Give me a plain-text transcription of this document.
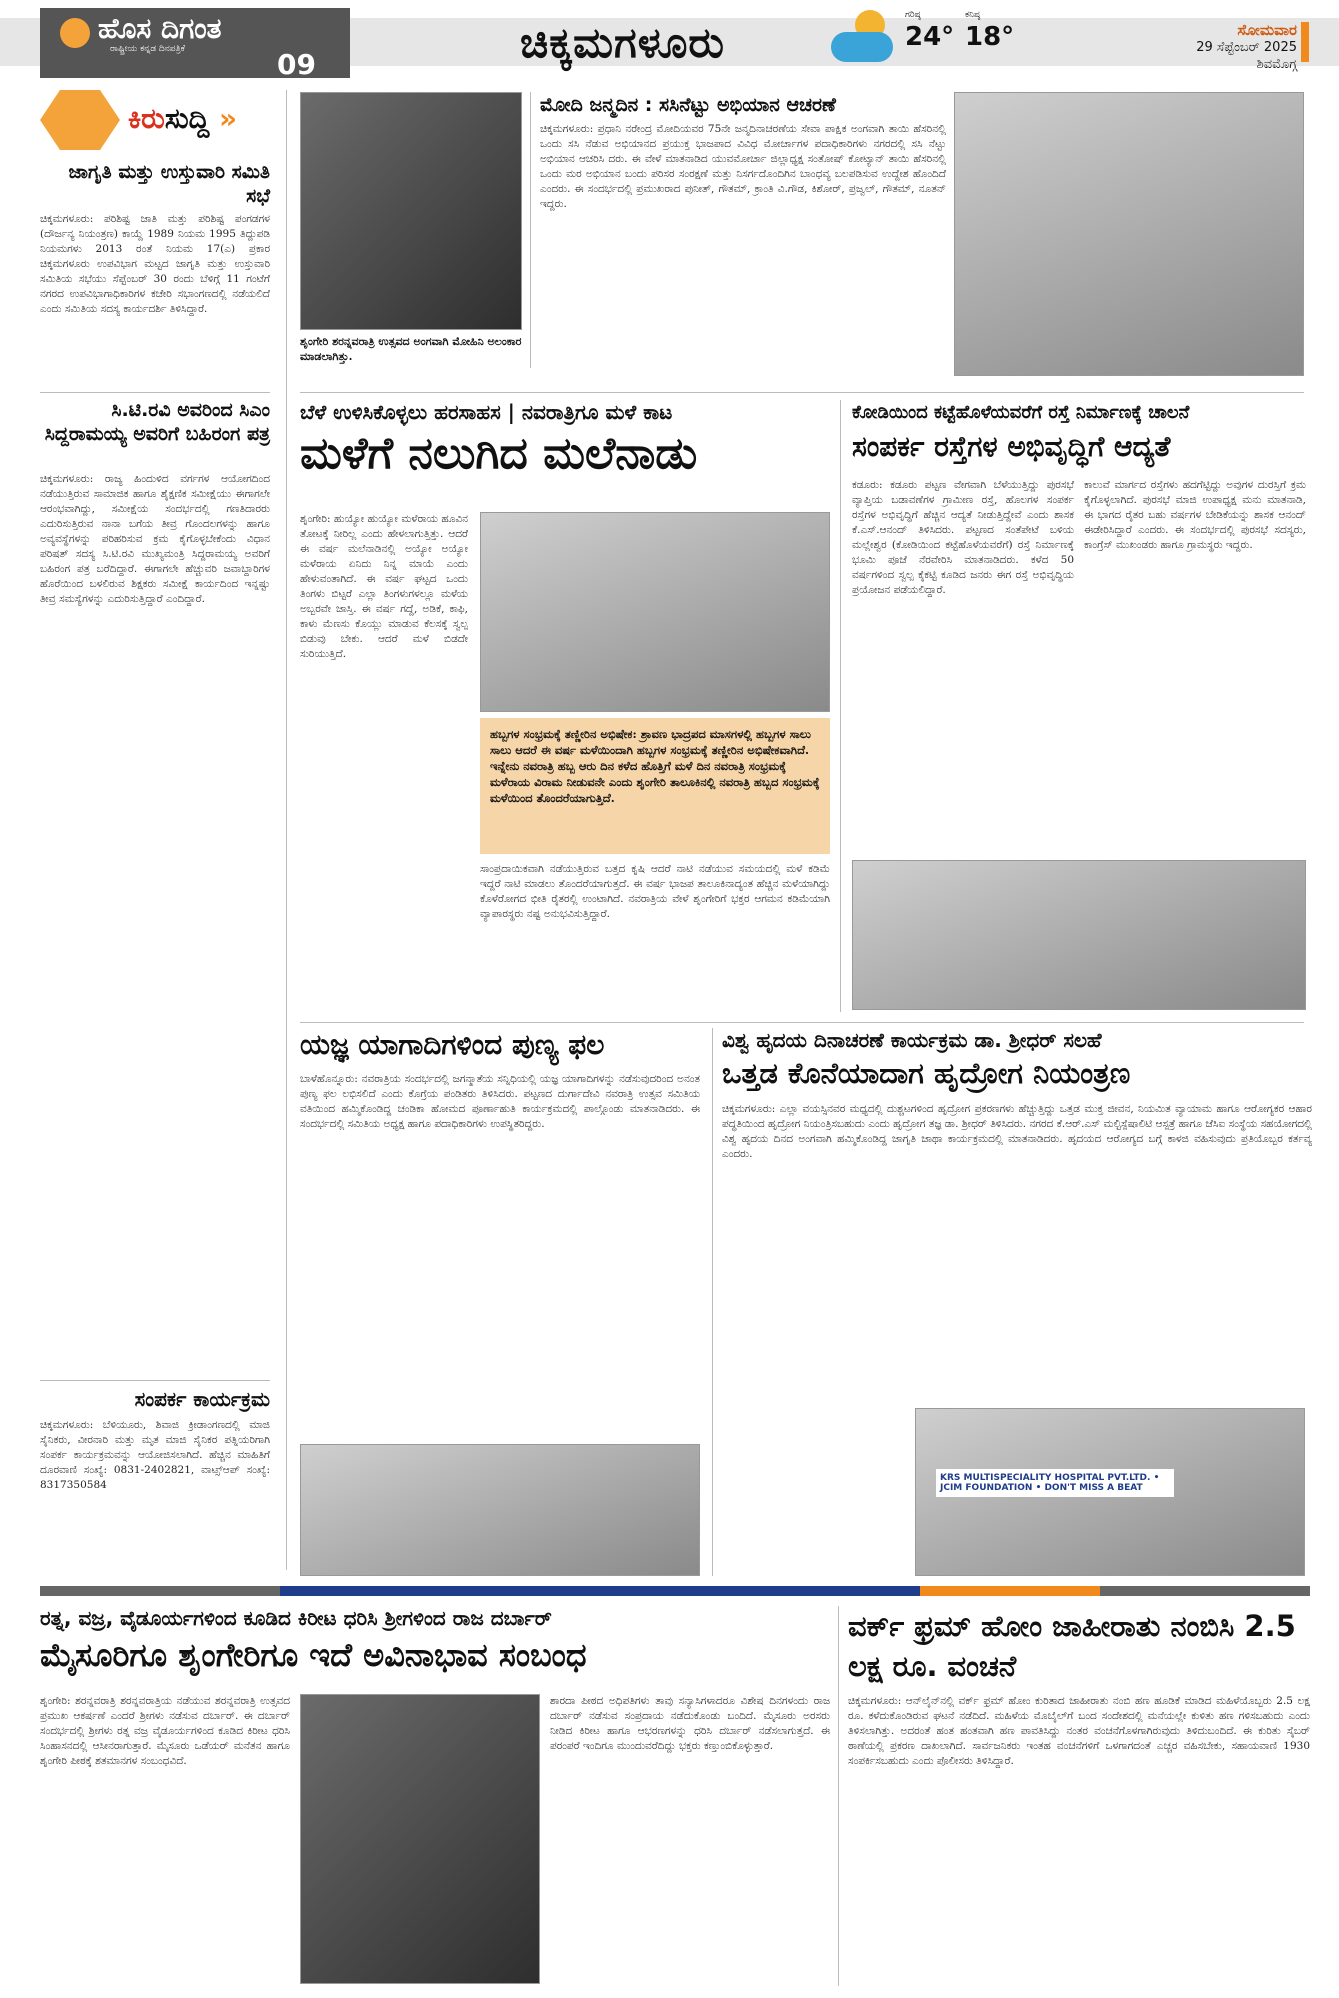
ಹೊಸ ದಿಗಂತ
ರಾಷ್ಟ್ರೀಯ ಕನ್ನಡ ದಿನಪತ್ರಿಕೆ	09	ಚಿಕ್ಕಮಗಳೂರು
ಗರಿಷ್ಠ
24°
ಕನಿಷ್ಠ
18°	ಸೋಮವಾರ
29 ಸೆಪ್ಟೆಂಬರ್ 2025
ಶಿವಮೊಗ್ಗ
ಕಿರುಸುದ್ದಿ »
ಜಾಗೃತಿ ಮತ್ತು ಉಸ್ತುವಾರಿ ಸಮಿತಿ ಸಭೆ
ಚಿಕ್ಕಮಗಳೂರು: ಪರಿಶಿಷ್ಟ ಜಾತಿ ಮತ್ತು ಪರಿಶಿಷ್ಟ ಪಂಗಡಗಳ (ದೌರ್ಜನ್ಯ ನಿಯಂತ್ರಣ) ಕಾಯ್ದೆ 1989 ನಿಯಮ 1995 ತಿದ್ದುಪಡಿ ನಿಯಮಗಳು 2013 ರಂತೆ ನಿಯಮ 17(ಎ) ಪ್ರಕಾರ ಚಿಕ್ಕಮಗಳೂರು ಉಪವಿಭಾಗ ಮಟ್ಟದ ಜಾಗೃತಿ ಮತ್ತು ಉಸ್ತುವಾರಿ ಸಮಿತಿಯ ಸಭೆಯು ಸೆಪ್ಟೆಂಬರ್ 30 ರಂದು ಬೆಳಿಗ್ಗೆ 11 ಗಂಟೆಗೆ ನಗರದ ಉಪವಿಭಾಗಾಧಿಕಾರಿಗಳ ಕಚೇರಿ ಸಭಾಂಗಣದಲ್ಲಿ ನಡೆಯಲಿದೆ ಎಂದು ಸಮಿತಿಯ ಸದಸ್ಯ ಕಾರ್ಯದರ್ಶಿ ತಿಳಿಸಿದ್ದಾರೆ.
ಸಿ.ಟಿ.ರವಿ ಅವರಿಂದ ಸಿಎಂ ಸಿದ್ದರಾಮಯ್ಯ ಅವರಿಗೆ ಬಹಿರಂಗ ಪತ್ರ
ಚಿಕ್ಕಮಗಳೂರು: ರಾಜ್ಯ ಹಿಂದುಳಿದ ವರ್ಗಗಳ ಆಯೋಗದಿಂದ ನಡೆಯುತ್ತಿರುವ ಸಾಮಾಜಿಕ ಹಾಗೂ ಶೈಕ್ಷಣಿಕ ಸಮೀಕ್ಷೆಯು ಈಗಾಗಲೇ ಆರಂಭವಾಗಿದ್ದು, ಸಮೀಕ್ಷೆಯ ಸಂದರ್ಭದಲ್ಲಿ ಗಣತಿದಾರರು ಎದುರಿಸುತ್ತಿರುವ ನಾನಾ ಬಗೆಯ ತೀವ್ರ ಗೊಂದಲಗಳನ್ನು ಹಾಗೂ ಅವ್ಯವಸ್ಥೆಗಳನ್ನು ಪರಿಹರಿಸುವ ಕ್ರಮ ಕೈಗೊಳ್ಳಬೇಕೆಂದು ವಿಧಾನ ಪರಿಷತ್ ಸದಸ್ಯ ಸಿ.ಟಿ.ರವಿ ಮುಖ್ಯಮಂತ್ರಿ ಸಿದ್ದರಾಮಯ್ಯ ಅವರಿಗೆ ಬಹಿರಂಗ ಪತ್ರ ಬರೆದಿದ್ದಾರೆ. ಈಗಾಗಲೇ ಹೆಚ್ಚುವರಿ ಜವಾಬ್ದಾರಿಗಳ ಹೊರೆಯಿಂದ ಬಳಲಿರುವ ಶಿಕ್ಷಕರು ಸಮೀಕ್ಷೆ ಕಾರ್ಯದಿಂದ ಇನ್ನಷ್ಟು ತೀವ್ರ ಸಮಸ್ಯೆಗಳನ್ನು ಎದುರಿಸುತ್ತಿದ್ದಾರೆ ಎಂದಿದ್ದಾರೆ.
ಸಂಪರ್ಕ ಕಾರ್ಯಕ್ರಮ
ಚಿಕ್ಕಮಗಳೂರು: ಬೆಳಿಯೂರು, ಶಿವಾಜಿ ಕ್ರೀಡಾಂಗಣದಲ್ಲಿ ಮಾಜಿ ಸೈನಿಕರು, ವೀರನಾರಿ ಮತ್ತು ಮೃತ ಮಾಜಿ ಸೈನಿಕರ ಪತ್ನಿಯರಿಗಾಗಿ ಸಂಪರ್ಕ ಕಾರ್ಯಕ್ರಮವನ್ನು ಆಯೋಜಿಸಲಾಗಿದೆ. ಹೆಚ್ಚಿನ ಮಾಹಿತಿಗೆ ದೂರವಾಣಿ ಸಂಖ್ಯೆ: 0831-2402821, ವಾಟ್ಸ್ಆಪ್ ಸಂಖ್ಯೆ: 8317350584
ಶೃಂಗೇರಿ ಶರನ್ನವರಾತ್ರಿ ಉತ್ಸವದ ಅಂಗವಾಗಿ ಮೋಹಿನಿ ಅಲಂಕಾರ ಮಾಡಲಾಗಿತ್ತು.
ಮೋದಿ ಜನ್ಮದಿನ : ಸಸಿನೆಟ್ಟು ಅಭಿಯಾನ ಆಚರಣೆ
ಚಿಕ್ಕಮಗಳೂರು: ಪ್ರಧಾನಿ ನರೇಂದ್ರ ಮೋದಿಯವರ 75ನೇ ಜನ್ಮದಿನಾಚರಣೆಯ ಸೇವಾ ಪಾಕ್ಷಿಕ ಅಂಗವಾಗಿ ತಾಯಿ ಹೆಸರಿನಲ್ಲಿ ಒಂದು ಸಸಿ ನೆಡುವ ಅಭಿಯಾನದ ಪ್ರಯುಕ್ತ ಭಾಜಪಾದ ವಿವಿಧ ಮೋರ್ಚಾಗಳ ಪದಾಧಿಕಾರಿಗಳು ನಗರದಲ್ಲಿ ಸಸಿ ನೆಟ್ಟು ಅಭಿಯಾನ ಆಚರಿಸಿ ದರು. ಈ ವೇಳೆ ಮಾತನಾಡಿದ ಯುವಮೋರ್ಚಾ ಜಿಲ್ಲಾಧ್ಯಕ್ಷ ಸಂತೋಷ್ ಕೋಟ್ಯಾನ್ ತಾಯಿ ಹೆಸರಿನಲ್ಲಿ ಒಂದು ಮರ ಅಭಿಯಾನ ಬಂದು ಪರಿಸರ ಸಂರಕ್ಷಣೆ ಮತ್ತು ನಿಸರ್ಗದೊಂದಿಗಿನ ಬಾಂಧವ್ಯ ಬಲಪಡಿಸುವ ಉದ್ದೇಶ ಹೊಂದಿದೆ ಎಂದರು. ಈ ಸಂದರ್ಭದಲ್ಲಿ ಪ್ರಮುಖರಾದ ಪುನೀತ್, ಗೌತಮ್, ಕ್ರಾಂತಿ ವಿ.ಗೌಡ, ಕಿಶೋರ್, ಪ್ರಜ್ವಲ್, ಗೌತಮ್, ನೂತನ್ ಇದ್ದರು.
ಬೆಳೆ ಉಳಿಸಿಕೊಳ್ಳಲು ಹರಸಾಹಸ | ನವರಾತ್ರಿಗೂ ಮಳೆ ಕಾಟ
ಮಳೆಗೆ ನಲುಗಿದ ಮಲೆನಾಡು
ಶೃಂಗೇರಿ: ಹುಯ್ಯೋ ಹುಯ್ಯೋ ಮಳೆರಾಯ ಹೂವಿನ ತೋಟಕ್ಕೆ ನೀರಿಲ್ಲ ಎಂದು ಹೇಳಲಾಗುತ್ತಿತ್ತು. ಆದರೆ ಈ ವರ್ಷ ಮಲೆನಾಡಿನಲ್ಲಿ ಅಯ್ಯೋ ಅಯ್ಯೋ ಮಳೆರಾಯ ಏನಿದು ನಿನ್ನ ಮಾಯೆ ಎಂದು ಹೇಳುವಂತಾಗಿದೆ. ಈ ವರ್ಷ ಘಟ್ಟದ ಒಂದು ತಿಂಗಳು ಬಿಟ್ಟರೆ ಎಲ್ಲಾ ತಿಂಗಳುಗಳಲ್ಲೂ ಮಳೆಯ ಅಬ್ಬರವೇ ಜಾಸ್ತಿ. ಈ ವರ್ಷ ಗದ್ದೆ, ಅಡಿಕೆ, ಕಾಫಿ, ಕಾಳು ಮೆಣಸು ಕೊಯ್ಲು ಮಾಡುವ ಕೆಲಸಕ್ಕೆ ಸ್ವಲ್ಪ ಬಿಡುವು ಬೇಕು. ಆದರೆ ಮಳೆ ಬಿಡದೇ ಸುರಿಯುತ್ತಿದೆ.
ಹಬ್ಬಗಳ ಸಂಭ್ರಮಕ್ಕೆ ತಣ್ಣೀರಿನ ಅಭಿಷೇಕ: ಶ್ರಾವಣ ಭಾದ್ರಪದ ಮಾಸಗಳಲ್ಲಿ ಹಬ್ಬಗಳ ಸಾಲು ಸಾಲು ಆದರೆ ಈ ವರ್ಷ ಮಳೆಯಿಂದಾಗಿ ಹಬ್ಬಗಳ ಸಂಭ್ರಮಕ್ಕೆ ತಣ್ಣೀರಿನ ಅಭಿಷೇಕವಾಗಿದೆ. ಇನ್ನೇನು ನವರಾತ್ರಿ ಹಬ್ಬ ಆರು ದಿನ ಕಳೆದ ಹೊತ್ತಿಗೆ ಮಳೆ ದಿನ ನವರಾತ್ರಿ ಸಂಭ್ರಮಕ್ಕೆ ಮಳೆರಾಯ ವಿರಾಮ ನೀಡುವನೇ ಎಂದು ಶೃಂಗೇರಿ ತಾಲೂಕಿನಲ್ಲಿ ನವರಾತ್ರಿ ಹಬ್ಬದ ಸಂಭ್ರಮಕ್ಕೆ ಮಳೆಯಿಂದ ತೊಂದರೆಯಾಗುತ್ತಿದೆ.
ಸಾಂಪ್ರದಾಯಿಕವಾಗಿ ನಡೆಯುತ್ತಿರುವ ಬತ್ತದ ಕೃಷಿ ಆದರೆ ನಾಟಿ ನಡೆಯುವ ಸಮಯದಲ್ಲಿ ಮಳೆ ಕಡಿಮೆ ಇದ್ದರೆ ನಾಟಿ ಮಾಡಲು ತೊಂದರೆಯಾಗುತ್ತದೆ. ಈ ವರ್ಷ ಭಾಜಪ ತಾಲೂಕಿನಾದ್ಯಂತ ಹೆಚ್ಚಿನ ಮಳೆಯಾಗಿದ್ದು ಕೊಳೆರೋಗದ ಭೀತಿ ರೈತರಲ್ಲಿ ಉಂಟಾಗಿದೆ. ನವರಾತ್ರಿಯ ವೇಳೆ ಶೃಂಗೇರಿಗೆ ಭಕ್ತರ ಆಗಮನ ಕಡಿಮೆಯಾಗಿ ವ್ಯಾಪಾರಸ್ಥರು ನಷ್ಟ ಅನುಭವಿಸುತ್ತಿದ್ದಾರೆ.
ಕೋಡಿಯಿಂದ ಕಟ್ಟೆಹೊಳೆಯವರೆಗೆ ರಸ್ತೆ ನಿರ್ಮಾಣಕ್ಕೆ ಚಾಲನೆ
ಸಂಪರ್ಕ ರಸ್ತೆಗಳ ಅಭಿವೃದ್ಧಿಗೆ ಆದ್ಯತೆ
ಕಡೂರು: ಕಡೂರು ಪಟ್ಟಣ ವೇಗವಾಗಿ ಬೆಳೆಯುತ್ತಿದ್ದು ಪುರಸಭೆ ವ್ಯಾಪ್ತಿಯ ಬಡಾವಣೆಗಳ ಗ್ರಾಮೀಣ ರಸ್ತೆ, ಹೊಲಗಳ ಸಂಪರ್ಕ ರಸ್ತೆಗಳ ಅಭಿವೃದ್ಧಿಗೆ ಹೆಚ್ಚಿನ ಆದ್ಯತೆ ನೀಡುತ್ತಿದ್ದೇವೆ ಎಂದು ಶಾಸಕ ಕೆ.ಎಸ್.ಆನಂದ್ ತಿಳಿಸಿದರು. ಪಟ್ಟಣದ ಸಂತೆಪೇಟೆ ಬಳಿಯ ಮಲ್ಲೇಶ್ವರ (ಕೋಡಿಯಿಂದ ಕಟ್ಟೆಹೊಳೆಯವರೆಗೆ) ರಸ್ತೆ ನಿರ್ಮಾಣಕ್ಕೆ ಭೂಮಿ ಪೂಜೆ ನೆರವೇರಿಸಿ ಮಾತನಾಡಿದರು. ಕಳೆದ 50 ವರ್ಷಗಳಿಂದ ಸ್ವಲ್ಪ ಕೈಕಟ್ಟಿ ಕೂಡಿದ ಜನರು ಈಗ ರಸ್ತೆ ಅಭಿವೃದ್ಧಿಯ ಪ್ರಯೋಜನ ಪಡೆಯಲಿದ್ದಾರೆ.
ಕಾಲುವೆ ಮಾರ್ಗದ ರಸ್ತೆಗಳು ಹದಗೆಟ್ಟಿದ್ದು ಅವುಗಳ ದುರಸ್ತಿಗೆ ಕ್ರಮ ಕೈಗೊಳ್ಳಲಾಗಿದೆ. ಪುರಸಭೆ ಮಾಜಿ ಉಪಾಧ್ಯಕ್ಷ ಮನು ಮಾತನಾಡಿ, ಈ ಭಾಗದ ರೈತರ ಬಹು ವರ್ಷಗಳ ಬೇಡಿಕೆಯನ್ನು ಶಾಸಕ ಆನಂದ್ ಈಡೇರಿಸಿದ್ದಾರೆ ಎಂದರು. ಈ ಸಂದರ್ಭದಲ್ಲಿ ಪುರಸಭೆ ಸದಸ್ಯರು, ಕಾಂಗ್ರೆಸ್ ಮುಖಂಡರು ಹಾಗೂ ಗ್ರಾಮಸ್ಥರು ಇದ್ದರು.
ಯಜ್ಞ ಯಾಗಾದಿಗಳಿಂದ ಪುಣ್ಯ ಫಲ
ಬಾಳೆಹೊನ್ನೂರು: ನವರಾತ್ರಿಯ ಸಂದರ್ಭದಲ್ಲಿ ಜಗನ್ಮಾತೆಯ ಸನ್ನಿಧಿಯಲ್ಲಿ ಯಜ್ಞ ಯಾಗಾದಿಗಳನ್ನು ನಡೆಸುವುದರಿಂದ ಅನಂತ ಪುಣ್ಯ ಫಲ ಲಭಿಸಲಿದೆ ಎಂದು ಕೊಗ್ರೆಯ ಪಂಡಿತರು ತಿಳಿಸಿದರು. ಪಟ್ಟಣದ ದುರ್ಗಾದೇವಿ ನವರಾತ್ರಿ ಉತ್ಸವ ಸಮಿತಿಯ ವತಿಯಿಂದ ಹಮ್ಮಿಕೊಂಡಿದ್ದ ಚಂಡಿಕಾ ಹೋಮದ ಪೂರ್ಣಾಹುತಿ ಕಾರ್ಯಕ್ರಮದಲ್ಲಿ ಪಾಲ್ಗೊಂಡು ಮಾತನಾಡಿದರು. ಈ ಸಂದರ್ಭದಲ್ಲಿ ಸಮಿತಿಯ ಅಧ್ಯಕ್ಷ ಹಾಗೂ ಪದಾಧಿಕಾರಿಗಳು ಉಪಸ್ಥಿತರಿದ್ದರು.
ವಿಶ್ವ ಹೃದಯ ದಿನಾಚರಣೆ ಕಾರ್ಯಕ್ರಮ ಡಾ. ಶ್ರೀಧರ್ ಸಲಹೆ
ಒತ್ತಡ ಕೊನೆಯಾದಾಗ ಹೃದ್ರೋಗ ನಿಯಂತ್ರಣ
ಚಿಕ್ಕಮಗಳೂರು: ಎಲ್ಲಾ ವಯಸ್ಸಿನವರ ಮಧ್ಯದಲ್ಲಿ ದುಶ್ಚಟಗಳಿಂದ ಹೃದ್ರೋಗ ಪ್ರಕರಣಗಳು ಹೆಚ್ಚುತ್ತಿದ್ದು ಒತ್ತಡ ಮುಕ್ತ ಜೀವನ, ನಿಯಮಿತ ವ್ಯಾಯಾಮ ಹಾಗೂ ಆರೋಗ್ಯಕರ ಆಹಾರ ಪದ್ಧತಿಯಿಂದ ಹೃದ್ರೋಗ ನಿಯಂತ್ರಿಸಬಹುದು ಎಂದು ಹೃದ್ರೋಗ ತಜ್ಞ ಡಾ. ಶ್ರೀಧರ್ ತಿಳಿಸಿದರು. ನಗರದ ಕೆ.ಆರ್.ಎಸ್ ಮಲ್ಟಿಸ್ಪೆಷಾಲಿಟಿ ಆಸ್ಪತ್ರೆ ಹಾಗೂ ಜೆಸಿಐ ಸಂಸ್ಥೆಯ ಸಹಯೋಗದಲ್ಲಿ ವಿಶ್ವ ಹೃದಯ ದಿನದ ಅಂಗವಾಗಿ ಹಮ್ಮಿಕೊಂಡಿದ್ದ ಜಾಗೃತಿ ಜಾಥಾ ಕಾರ್ಯಕ್ರಮದಲ್ಲಿ ಮಾತನಾಡಿದರು. ಹೃದಯದ ಆರೋಗ್ಯದ ಬಗ್ಗೆ ಕಾಳಜಿ ವಹಿಸುವುದು ಪ್ರತಿಯೊಬ್ಬರ ಕರ್ತವ್ಯ ಎಂದರು.
KRS MULTISPECIALITY HOSPITAL PVT.LTD. • JCIM FOUNDATION • DON'T MISS A BEAT
ರತ್ನ, ವಜ್ರ, ವೈಡೂರ್ಯಗಳಿಂದ ಕೂಡಿದ ಕಿರೀಟ ಧರಿಸಿ ಶ್ರೀಗಳಿಂದ ರಾಜ ದರ್ಬಾರ್
ಮೈಸೂರಿಗೂ ಶೃಂಗೇರಿಗೂ ಇದೆ ಅವಿನಾಭಾವ ಸಂಬಂಧ
ಶೃಂಗೇರಿ: ಶರನ್ನವರಾತ್ರಿ ಶರನ್ನವರಾತ್ರಿಯ ನಡೆಯುವ ಶರನ್ನವರಾತ್ರಿ ಉತ್ಸವದ ಪ್ರಮುಖ ಆಕರ್ಷಣೆ ಎಂದರೆ ಶ್ರೀಗಳು ನಡೆಸುವ ದರ್ಬಾರ್. ಈ ದರ್ಬಾರ್ ಸಂದರ್ಭದಲ್ಲಿ ಶ್ರೀಗಳು ರತ್ನ ವಜ್ರ ವೈಡೂರ್ಯಗಳಿಂದ ಕೂಡಿದ ಕಿರೀಟ ಧರಿಸಿ ಸಿಂಹಾಸನದಲ್ಲಿ ಆಸೀನರಾಗುತ್ತಾರೆ. ಮೈಸೂರು ಒಡೆಯರ್ ಮನೆತನ ಹಾಗೂ ಶೃಂಗೇರಿ ಪೀಠಕ್ಕೆ ಶತಮಾನಗಳ ಸಂಬಂಧವಿದೆ.
ಶಾರದಾ ಪೀಠದ ಅಧಿಪತಿಗಳು ತಾವು ಸನ್ಯಾಸಿಗಳಾದರೂ ವಿಶೇಷ ದಿನಗಳಂದು ರಾಜ ದರ್ಬಾರ್ ನಡೆಸುವ ಸಂಪ್ರದಾಯ ನಡೆದುಕೊಂಡು ಬಂದಿದೆ. ಮೈಸೂರು ಅರಸರು ನೀಡಿದ ಕಿರೀಟ ಹಾಗೂ ಆಭರಣಗಳನ್ನು ಧರಿಸಿ ದರ್ಬಾರ್ ನಡೆಸಲಾಗುತ್ತದೆ. ಈ ಪರಂಪರೆ ಇಂದಿಗೂ ಮುಂದುವರೆದಿದ್ದು ಭಕ್ತರು ಕಣ್ತುಂಬಿಕೊಳ್ಳುತ್ತಾರೆ.
ವರ್ಕ್ ಫ್ರಮ್ ಹೋಂ ಜಾಹೀರಾತು ನಂಬಿಸಿ 2.5 ಲಕ್ಷ ರೂ. ವಂಚನೆ
ಚಿಕ್ಕಮಗಳೂರು: ಆನ್‌ಲೈನ್‌ನಲ್ಲಿ ವರ್ಕ್ ಫ್ರಮ್ ಹೋಂ ಕುರಿತಾದ ಜಾಹೀರಾತು ನಂಬಿ ಹಣ ಹೂಡಿಕೆ ಮಾಡಿದ ಮಹಿಳೆಯೊಬ್ಬರು 2.5 ಲಕ್ಷ ರೂ. ಕಳೆದುಕೊಂಡಿರುವ ಘಟನೆ ನಡೆದಿದೆ. ಮಹಿಳೆಯ ಮೊಬೈಲ್‌ಗೆ ಬಂದ ಸಂದೇಶದಲ್ಲಿ ಮನೆಯಲ್ಲೇ ಕುಳಿತು ಹಣ ಗಳಿಸಬಹುದು ಎಂದು ತಿಳಿಸಲಾಗಿತ್ತು. ಅದರಂತೆ ಹಂತ ಹಂತವಾಗಿ ಹಣ ಪಾವತಿಸಿದ್ದು ನಂತರ ವಂಚನೆಗೊಳಗಾಗಿರುವುದು ತಿಳಿದುಬಂದಿದೆ. ಈ ಕುರಿತು ಸೈಬರ್ ಠಾಣೆಯಲ್ಲಿ ಪ್ರಕರಣ ದಾಖಲಾಗಿದೆ. ಸಾರ್ವಜನಿಕರು ಇಂತಹ ವಂಚನೆಗಳಿಗೆ ಒಳಗಾಗದಂತೆ ಎಚ್ಚರ ವಹಿಸಬೇಕು, ಸಹಾಯವಾಣಿ 1930 ಸಂಪರ್ಕಿಸಬಹುದು ಎಂದು ಪೊಲೀಸರು ತಿಳಿಸಿದ್ದಾರೆ.
